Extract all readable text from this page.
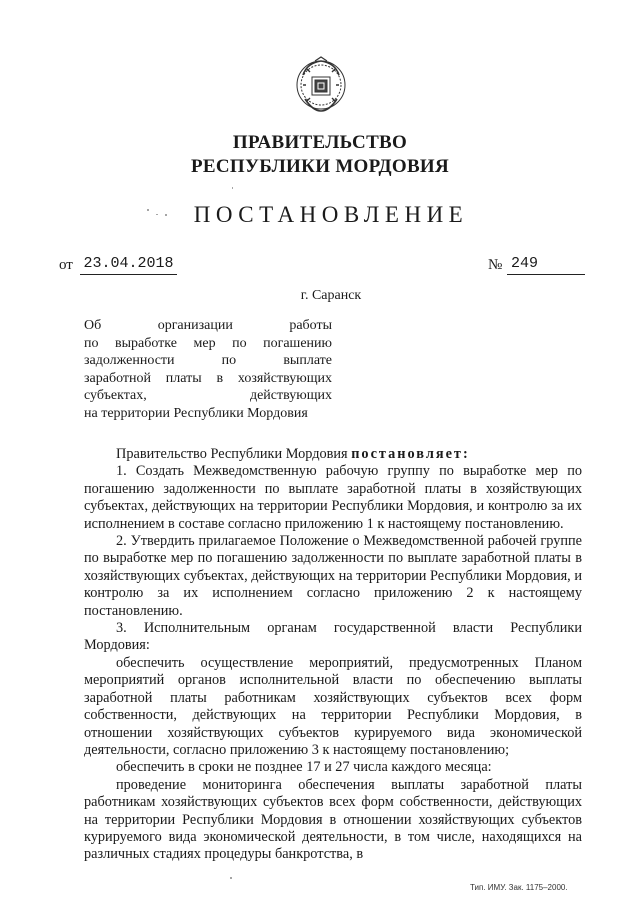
ПРАВИТЕЛЬСТВО
РЕСПУБЛИКИ МОРДОВИЯ
ПОСТАНОВЛЕНИЕ
от 23.04.2018	№ 249
г. Саранск
Об организации работы
по выработке мер по погашению
задолженности по выплате
заработной платы в хозяйствующих
субъектах, действующих
на территории Республики Мордовия

Правительство Республики Мордовия постановляет:

1. Создать Межведомственную рабочую группу по выработке мер по погашению задолженности по выплате заработной платы в хозяйствующих субъектах, действующих на территории Республики Мордовия, и контролю за их исполнением в составе согласно приложению 1 к настоящему постановлению.

2. Утвердить прилагаемое Положение о Межведомственной рабочей группе по выработке мер по погашению задолженности по выплате заработной платы в хозяйствующих субъектах, действующих на территории Республики Мордовия, и контролю за их исполнением согласно приложению 2 к настоящему постановлению.

3. Исполнительным органам государственной власти Республики Мордовия:

обеспечить осуществление мероприятий, предусмотренных Планом мероприятий органов исполнительной власти по обеспечению выплаты заработной платы работникам хозяйствующих субъектов всех форм собственности, действующих на территории Республики Мордовия, в отношении хозяйствующих субъектов курируемого вида экономической деятельности, согласно приложению 3 к настоящему постановлению;

обеспечить в сроки не позднее 17 и 27 числа каждого месяца:

проведение мониторинга обеспечения выплаты заработной платы работникам хозяйствующих субъектов всех форм собственности, действующих на территории Республики Мордовия в отношении хозяйствующих субъектов курируемого вида экономической деятельности, в том числе, находящихся на различных стадиях процедуры банкротства, в

Тип. ИМУ. Зак. 1175–2000.
